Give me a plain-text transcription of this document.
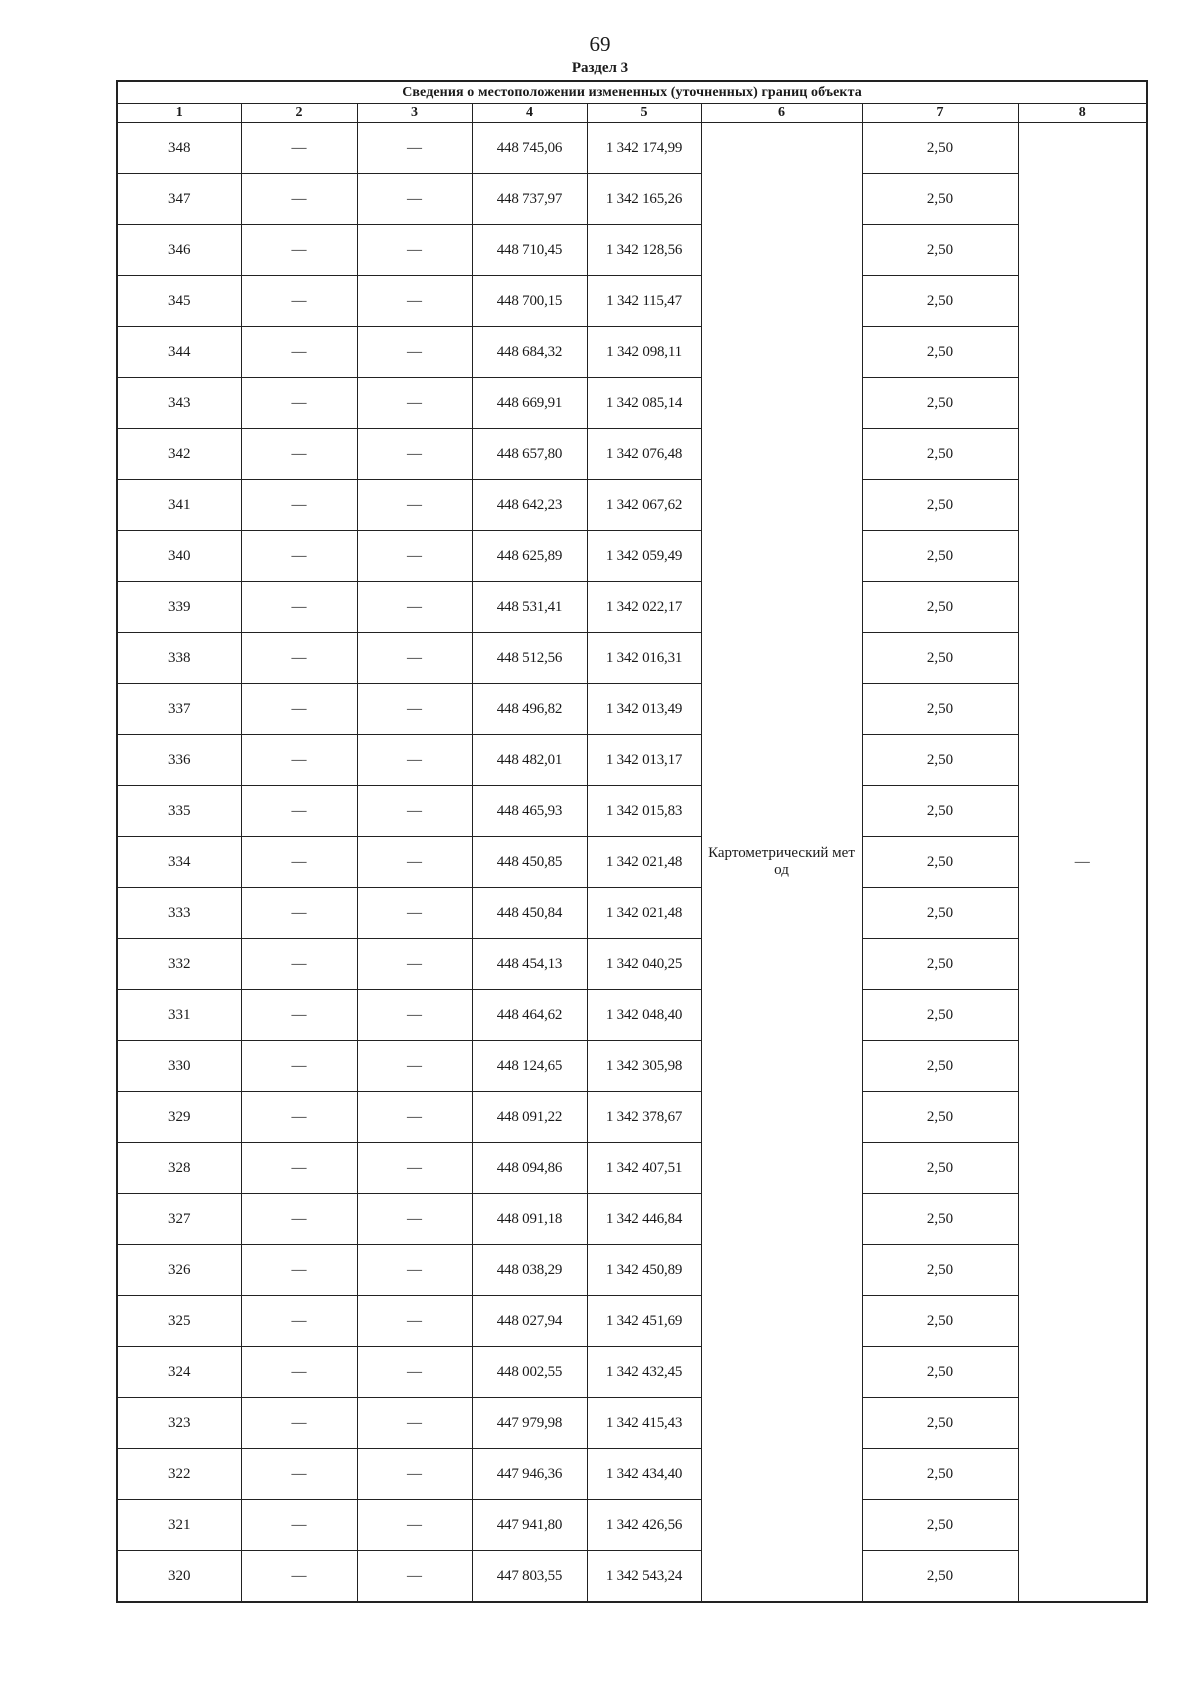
69
Раздел 3
Сведения о местоположении измененных (уточненных) границ объекта							
1	2	3	4	5	6	7	8
348	—	—	448 745,06	1 342 174,99	Картометрический метод	2,50	—
347	—	—	448 737,97	1 342 165,26		2,50	
346	—	—	448 710,45	1 342 128,56		2,50	
345	—	—	448 700,15	1 342 115,47		2,50	
344	—	—	448 684,32	1 342 098,11		2,50	
343	—	—	448 669,91	1 342 085,14		2,50	
342	—	—	448 657,80	1 342 076,48		2,50	
341	—	—	448 642,23	1 342 067,62		2,50	
340	—	—	448 625,89	1 342 059,49		2,50	
339	—	—	448 531,41	1 342 022,17		2,50	
338	—	—	448 512,56	1 342 016,31		2,50	
337	—	—	448 496,82	1 342 013,49		2,50	
336	—	—	448 482,01	1 342 013,17		2,50	
335	—	—	448 465,93	1 342 015,83		2,50	
334	—	—	448 450,85	1 342 021,48		2,50	
333	—	—	448 450,84	1 342 021,48		2,50	
332	—	—	448 454,13	1 342 040,25		2,50	
331	—	—	448 464,62	1 342 048,40		2,50	
330	—	—	448 124,65	1 342 305,98		2,50	
329	—	—	448 091,22	1 342 378,67		2,50	
328	—	—	448 094,86	1 342 407,51		2,50	
327	—	—	448 091,18	1 342 446,84		2,50	
326	—	—	448 038,29	1 342 450,89		2,50	
325	—	—	448 027,94	1 342 451,69		2,50	
324	—	—	448 002,55	1 342 432,45		2,50	
323	—	—	447 979,98	1 342 415,43		2,50	
322	—	—	447 946,36	1 342 434,40		2,50	
321	—	—	447 941,80	1 342 426,56		2,50	
320	—	—	447 803,55	1 342 543,24		2,50	
